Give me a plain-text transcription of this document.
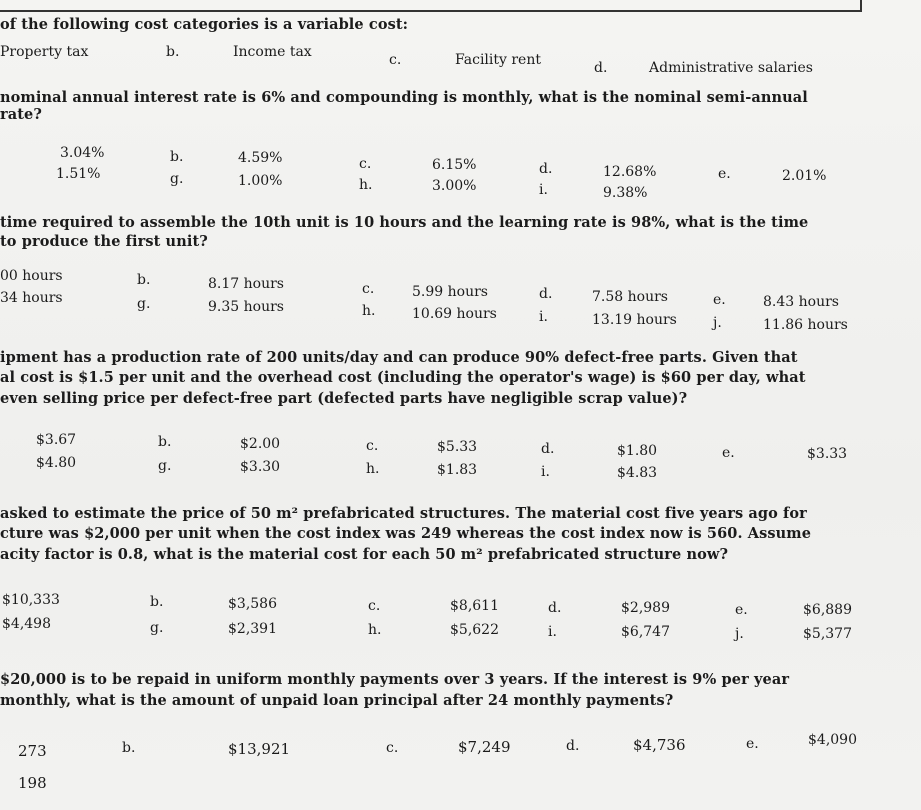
of the following cost categories is a variable cost:
Property tax	b.	Income tax	c.	Facility rent	d.	Administrative salaries
nominal annual interest rate is 6% and compounding is monthly, what is the nominal semi-annual
rate?
3.04%	b.	4.59%	c.	6.15%	d.	12.68%	e.	2.01%
1.51%	g.	1.00%	h.	3.00%	i.	9.38%
time required to assemble the 10th unit is 10 hours and the learning rate is 98%, what is the time
to produce the first unit?
00 hours	b.	8.17 hours	c.	5.99 hours	d.	7.58 hours	e.	8.43 hours
34 hours	g.	9.35 hours	h.	10.69 hours	i.	13.19 hours	j.	11.86 hours
ipment has a production rate of 200 units/day and can produce 90% defect-free parts. Given that
al cost is $1.5 per unit and the overhead cost (including the operator's wage) is $60 per day, what
even selling price per defect-free part (defected parts have negligible scrap value)?
$3.67	b.	$2.00	c.	$5.33	d.	$1.80	e.	$3.33
$4.80	g.	$3.30	h.	$1.83	i.	$4.83
asked to estimate the price of 50 m² prefabricated structures. The material cost five years ago for
cture was $2,000 per unit when the cost index was 249 whereas the cost index now is 560. Assume
acity factor is 0.8, what is the material cost for each 50 m² prefabricated structure now?
$10,333	b.	$3,586	c.	$8,611	d.	$2,989	e.	$6,889
$4,498	g.	$2,391	h.	$5,622	i.	$6,747	j.	$5,377
$20,000 is to be repaid in uniform monthly payments over 3 years. If the interest is 9% per year
monthly, what is the amount of unpaid loan principal after 24 monthly payments?
273	b.	$13,921	c.	$7,249	d.	$4,736	e.	$4,090
198
